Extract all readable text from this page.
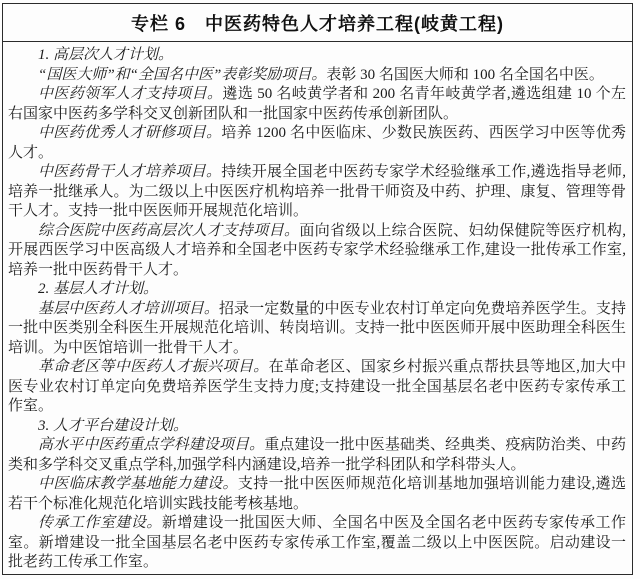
专栏 6　中医药特色人才培养工程(岐黄工程)

1. 高层次人才计划。

“国医大师”和“全国名中医”表彰奖励项目。表彰 30 名国医大师和 100 名全国名中医。

中医药领军人才支持项目。遴选 50 名岐黄学者和 200 名青年岐黄学者,遴选组建 10 个左右国家中医药多学科交叉创新团队和一批国家中医药传承创新团队。

中医药优秀人才研修项目。培养 1200 名中医临床、少数民族医药、西医学习中医等优秀人才。

中医药骨干人才培养项目。持续开展全国老中医药专家学术经验继承工作,遴选指导老师,培养一批继承人。为二级以上中医医疗机构培养一批骨干师资及中药、护理、康复、管理等骨干人才。支持一批中医医师开展规范化培训。

综合医院中医药高层次人才支持项目。面向省级以上综合医院、妇幼保健院等医疗机构,开展西医学习中医高级人才培养和全国老中医药专家学术经验继承工作,建设一批传承工作室,培养一批中医药骨干人才。

2. 基层人才计划。

基层中医药人才培训项目。招录一定数量的中医专业农村订单定向免费培养医学生。支持一批中医类别全科医生开展规范化培训、转岗培训。支持一批中医医师开展中医助理全科医生培训。为中医馆培训一批骨干人才。

革命老区等中医药人才振兴项目。在革命老区、国家乡村振兴重点帮扶县等地区,加大中医专业农村订单定向免费培养医学生支持力度;支持建设一批全国基层名老中医药专家传承工作室。

3. 人才平台建设计划。

高水平中医药重点学科建设项目。重点建设一批中医基础类、经典类、疫病防治类、中药类和多学科交叉重点学科,加强学科内涵建设,培养一批学科团队和学科带头人。

中医临床教学基地能力建设。支持一批中医医师规范化培训基地加强培训能力建设,遴选若干个标准化规范化培训实践技能考核基地。

传承工作室建设。新增建设一批国医大师、全国名中医及全国名老中医药专家传承工作室。新增建设一批全国基层名老中医药专家传承工作室,覆盖二级以上中医医院。启动建设一批老药工传承工作室。
